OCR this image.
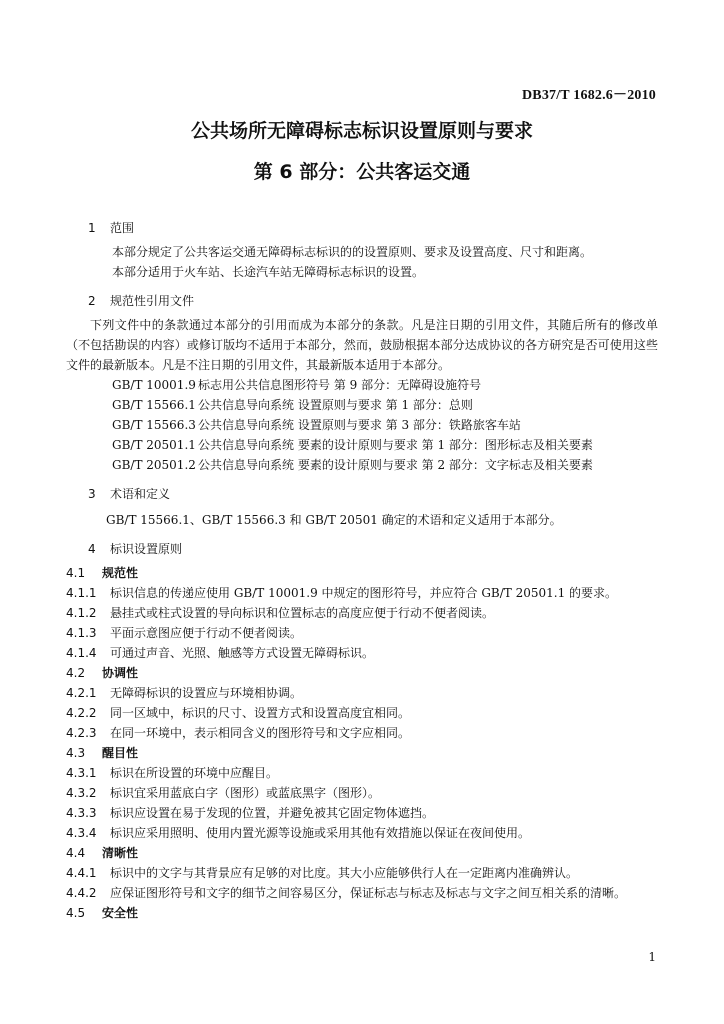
DB37/T 1682.6－2010
公共场所无障碍标志标识设置原则与要求
第 6 部分：公共客运交通
1 范围

本部分规定了公共客运交通无障碍标志标识的的设置原则、要求及设置高度、尺寸和距离。

本部分适用于火车站、长途汽车站无障碍标志标识的设置。

2 规范性引用文件

下列文件中的条款通过本部分的引用而成为本部分的条款。凡是注日期的引用文件，其随后所有的修改单（不包括勘误的内容）或修订版均不适用于本部分，然而，鼓励根据本部分达成协议的各方研究是否可使用这些文件的最新版本。凡是不注日期的引用文件，其最新版本适用于本部分。

GB/T 10001.9 标志用公共信息图形符号 第 9 部分：无障碍设施符号
GB/T 15566.1 公共信息导向系统 设置原则与要求 第 1 部分：总则
GB/T 15566.3 公共信息导向系统 设置原则与要求 第 3 部分：铁路旅客车站
GB/T 20501.1 公共信息导向系统 要素的设计原则与要求 第 1 部分：图形标志及相关要素
GB/T 20501.2 公共信息导向系统 要素的设计原则与要求 第 2 部分：文字标志及相关要素
3 术语和定义

GB/T 15566.1、GB/T 15566.3 和 GB/T 20501 确定的术语和定义适用于本部分。

4 标识设置原则
4.1 规范性
4.1.1 标识信息的传递应使用 GB/T 10001.9 中规定的图形符号，并应符合 GB/T 20501.1 的要求。
4.1.2 悬挂式或柱式设置的导向标识和位置标志的高度应便于行动不便者阅读。
4.1.3 平面示意图应便于行动不便者阅读。
4.1.4 可通过声音、光照、触感等方式设置无障碍标识。
4.2 协调性
4.2.1 无障碍标识的设置应与环境相协调。
4.2.2 同一区域中，标识的尺寸、设置方式和设置高度宜相同。
4.2.3 在同一环境中，表示相同含义的图形符号和文字应相同。
4.3 醒目性
4.3.1 标识在所设置的环境中应醒目。
4.3.2 标识宜采用蓝底白字（图形）或蓝底黑字（图形）。
4.3.3 标识应设置在易于发现的位置，并避免被其它固定物体遮挡。
4.3.4 标识应采用照明、使用内置光源等设施或采用其他有效措施以保证在夜间使用。
4.4 清晰性
4.4.1 标识中的文字与其背景应有足够的对比度。其大小应能够供行人在一定距离内准确辨认。
4.4.2 应保证图形符号和文字的细节之间容易区分，保证标志与标志及标志与文字之间互相关系的清晰。
4.5 安全性
1
